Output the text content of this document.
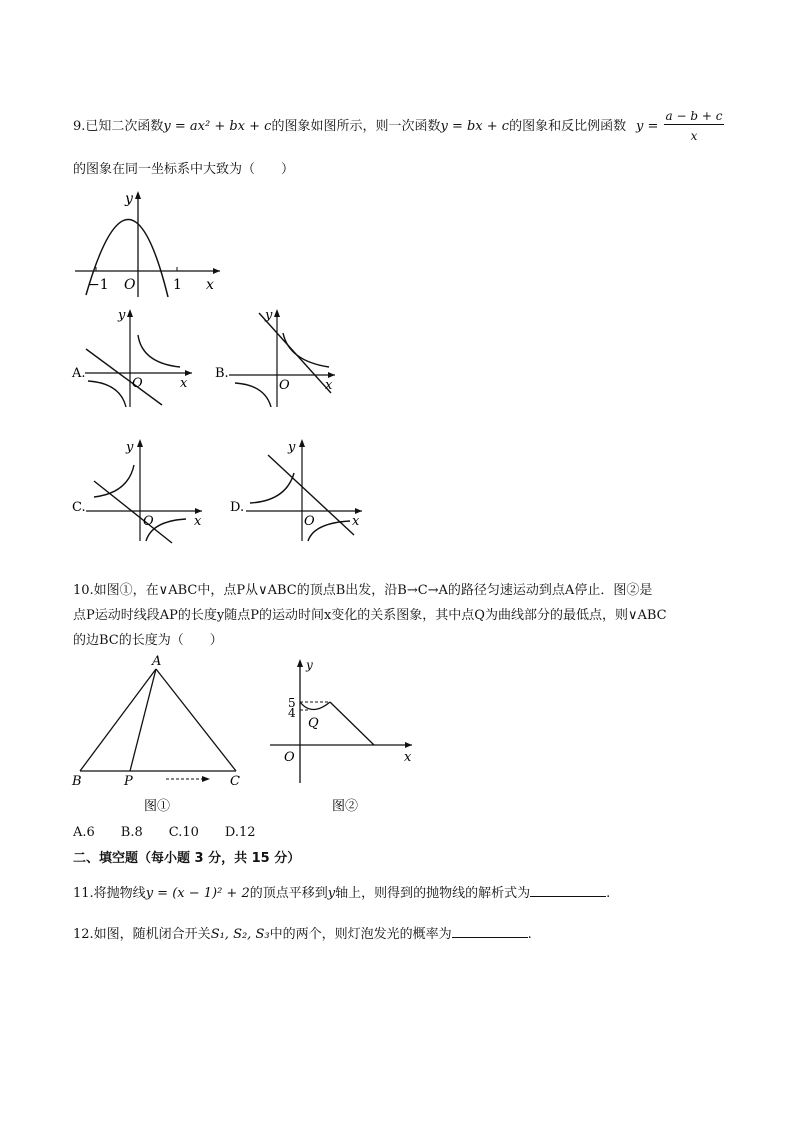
9.已知二次函数y = ax² + bx + c的图象如图所示，则一次函数y = bx + c的图象和反比例函数 y =
a − b + c
x
的图象在同一坐标系中大致为（　　）
y
x
O
−1	1
A.
y
x
O
B.
y
x
O
C.
y
x
O
D.
y
x
O
10.如图①，在∨ABC中，点P从∨ABC的顶点B出发，沿B→C→A的路径匀速运动到点A停止．图②是
点P运动时线段AP的长度y随点P的运动时间x变化的关系图象，其中点Q为曲线部分的最低点，则∨ABC
的边BC的长度为（　　）
A
B	C
P
图①
5
4
y
x
O
Q
图②
A.6　　B.8　　C.10　　D.12
二、填空题（每小题 3 分，共 15 分）
11.将抛物线y = (x − 1)² + 2的顶点平移到y轴上，则得到的抛物线的解析式为	.
12.如图，随机闭合开关S₁, S₂, S₃中的两个，则灯泡发光的概率为	.
